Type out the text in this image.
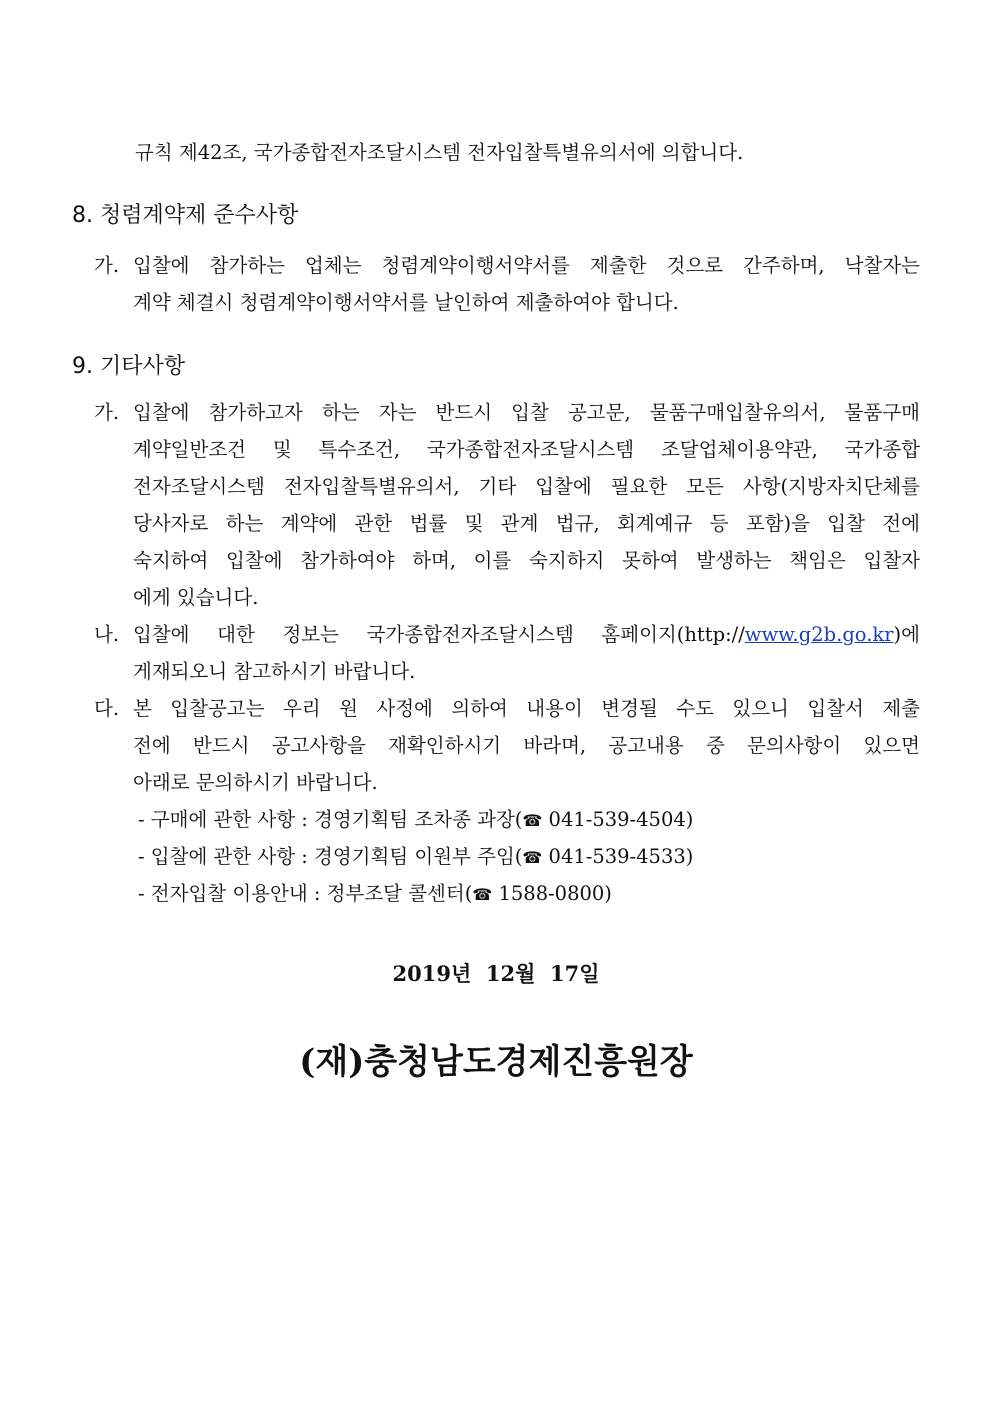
규칙 제42조, 국가종합전자조달시스템 전자입찰특별유의서에 의합니다.
8. 청렴계약제 준수사항
가. 입찰에 참가하는 업체는 청렴계약이행서약서를 제출한 것으로 간주하며, 낙찰자는
계약 체결시 청렴계약이행서약서를 날인하여 제출하여야 합니다.
9. 기타사항
가. 입찰에 참가하고자 하는 자는 반드시 입찰 공고문, 물품구매입찰유의서, 물품구매
계약일반조건 및 특수조건, 국가종합전자조달시스템 조달업체이용약관, 국가종합
전자조달시스템 전자입찰특별유의서, 기타 입찰에 필요한 모든 사항(지방자치단체를
당사자로 하는 계약에 관한 법률 및 관계 법규, 회계예규 등 포함)을 입찰 전에
숙지하여 입찰에 참가하여야 하며, 이를 숙지하지 못하여 발생하는 책임은 입찰자
에게 있습니다.
나. 입찰에 대한 정보는 국가종합전자조달시스템 홈페이지(http://www.g2b.go.kr)에
게재되오니 참고하시기 바랍니다.
다. 본 입찰공고는 우리 원 사정에 의하여 내용이 변경될 수도 있으니 입찰서 제출
전에 반드시 공고사항을 재확인하시기 바라며, 공고내용 중 문의사항이 있으면
아래로 문의하시기 바랍니다.
- 구매에 관한 사항 : 경영기획팀 조차종 과장(☎ 041-539-4504)
- 입찰에 관한 사항 : 경영기획팀 이원부 주임(☎ 041-539-4533)
- 전자입찰 이용안내 : 정부조달 콜센터(☎ 1588-0800)
2019년  12월  17일
(재)충청남도경제진흥원장
